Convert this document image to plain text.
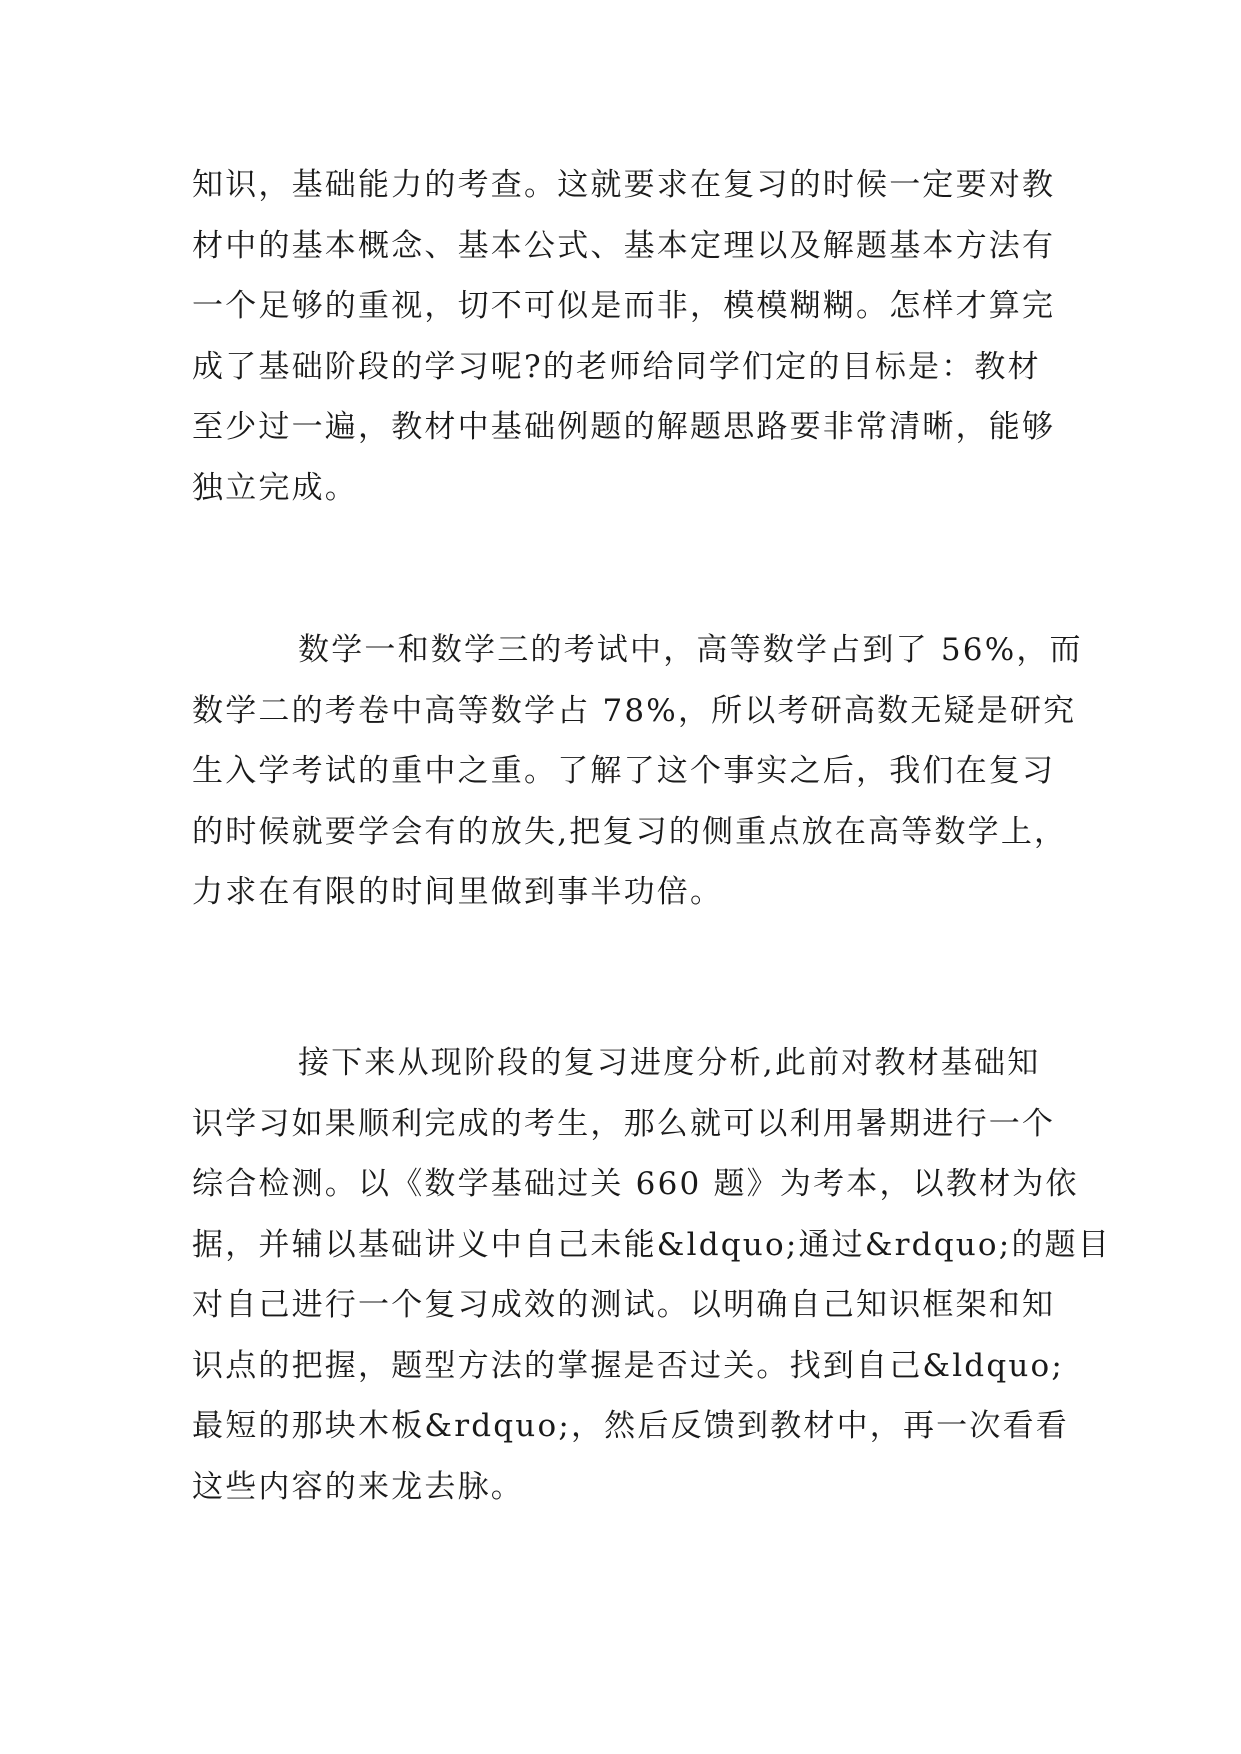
知识，基础能力的考查。这就要求在复习的时候一定要对教
材中的基本概念、基本公式、基本定理以及解题基本方法有
一个足够的重视，切不可似是而非，模模糊糊。怎样才算完
成了基础阶段的学习呢?的老师给同学们定的目标是：教材
至少过一遍，教材中基础例题的解题思路要非常清晰，能够
独立完成。
数学一和数学三的考试中，高等数学占到了 56%，而
数学二的考卷中高等数学占 78%，所以考研高数无疑是研究
生入学考试的重中之重。了解了这个事实之后，我们在复习
的时候就要学会有的放失,把复习的侧重点放在高等数学上，
力求在有限的时间里做到事半功倍。
接下来从现阶段的复习进度分析,此前对教材基础知
识学习如果顺利完成的考生，那么就可以利用暑期进行一个
综合检测。以《数学基础过关 660 题》为考本，以教材为依
据，并辅以基础讲义中自己未能&ldquo;通过&rdquo;的题目
对自己进行一个复习成效的测试。以明确自己知识框架和知
识点的把握，题型方法的掌握是否过关。找到自己&ldquo;
最短的那块木板&rdquo;，然后反馈到教材中，再一次看看
这些内容的来龙去脉。
